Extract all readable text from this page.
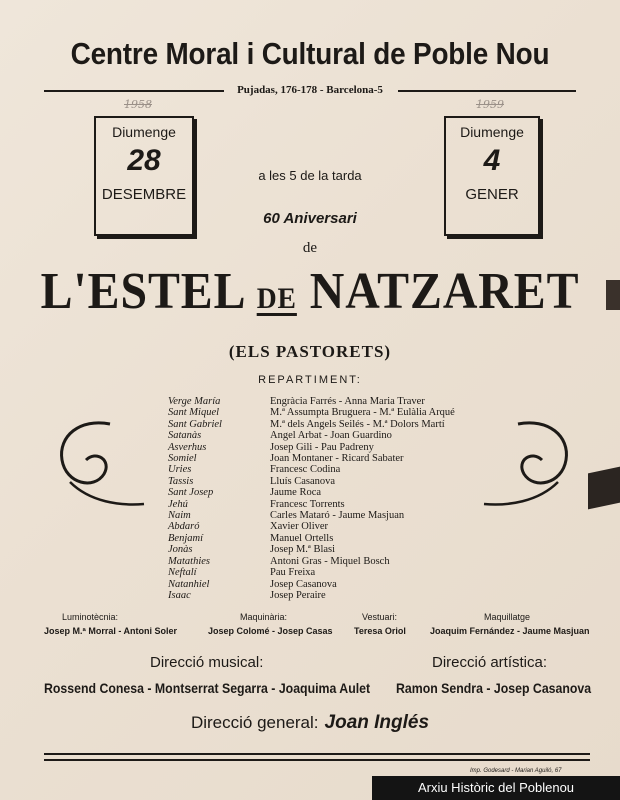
Centre Moral i Cultural de Poble Nou
Pujadas, 176-178 - Barcelona-5
1958	1959
Diumenge
28
DESEMBRE
Diumenge
4
GENER
a les 5 de la tarda
60 Aniversari
de
L'ESTEL DE NATZARET
(ELS PASTORETS)
REPARTIMENT:
Verge María	Engràcia Farrés - Anna Maria Traver
Sant Miquel	M.ª Assumpta Bruguera - M.ª Eulàlia Arqué
Sant Gabriel	M.ª dels Angels Seilés - M.ª Dolors Martí
Satanàs	Angel Arbat - Joan Guardino
Asverhus	Josep Gili - Pau Padreny
Somiel	Joan Montaner - Ricard Sabater
Uries	Francesc Codina
Tassis	Lluís Casanova
Sant Josep	Jaume Roca
Jehú	Francesc Torrents
Naim	Carles Mataró - Jaume Masjuan
Abdaró	Xavier Oliver
Benjamí	Manuel Ortells
Jonàs	Josep M.ª Blasi
Matathies	Antoni Gras - Miquel Bosch
Neftalí	Pau Freixa
Natanhiel	Josep Casanova
Isaac	Josep Peraire
Luminotècnia:
Josep M.ª Morral - Antoni Soler
Maquinària:
Josep Colomé - Josep Casas
Vestuari:
Teresa Oriol
Maquillatge
Joaquim Fernández - Jaume Masjuan
Direcció musical:
Rossend Conesa - Montserrat Segarra - Joaquima Aulet
Direcció artística:
Ramon Sendra - Josep Casanova
Direcció general: Joan Inglés
Imp. Godesard - Marian Aguiló, 67
Arxiu Històric del Poblenou
